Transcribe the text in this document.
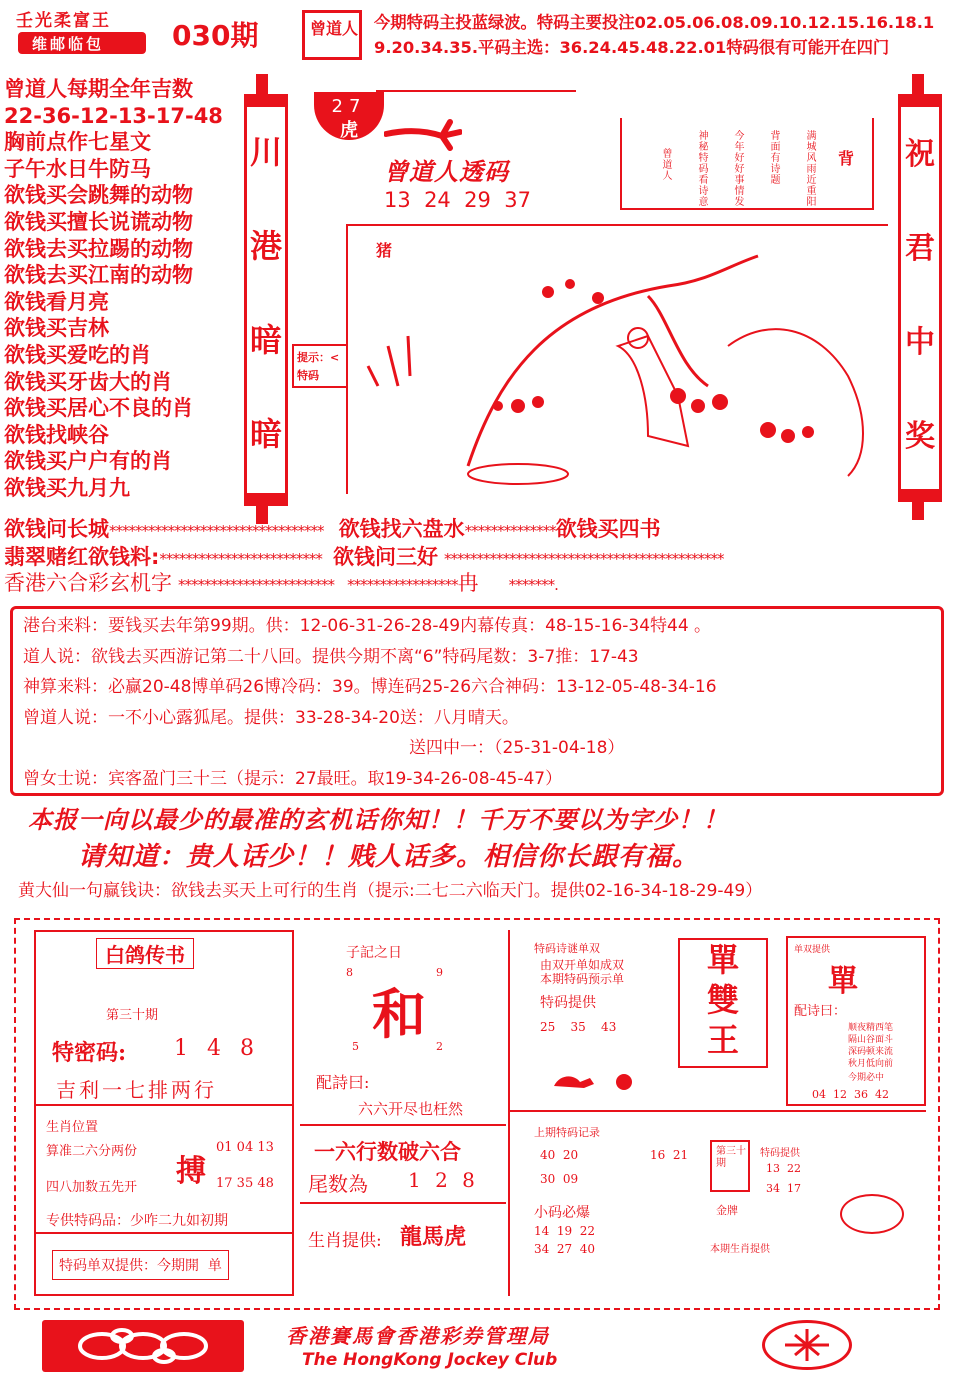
壬光柔富王
维邮临包 030期	曾道人 今期特码主投蓝绿波。特码主要投注02.05.06.08.09.10.12.15.16.18.19.20.34.35.平码主选：36.24.45.48.22.01特码很有可能开在四门
曾道人每期全年吉数
22-36-12-13-17-48
胸前点作七星文
子午水日牛防马
欲钱买会跳舞的动物
欲钱买擅长说谎动物
欲钱去买拉踢的动物
欲钱去买江南的动物
欲钱看月亮
欲钱买吉林
欲钱买爱吃的肖
欲钱买牙齿大的肖
欲钱买居心不良的肖
欲钱找峡谷
欲钱买户户有的肖
欲钱买九月九
川
港
暗
暗
祝
君
中
奖
27
虎
曾道人透码
13  24  29  37
背
满城风雨近重阳
背面有诗题
今年好好事情发
神秘特码看诗意
曾道人
猪
提示：<特码
欲钱问长城********************************* 欲钱找六盘水**************欲钱买四书
翡翠赌红欲钱料:************************* 欲钱问三好 *******************************************
香港六合彩玄机字 ************************ *****************冉 *******.
港台来料：要钱买去年第99期。供：12-06-31-26-28-49内幕传真：48-15-16-34特44 。
道人说：欲钱去买西游记第二十八回。提供今期不离“6”特码尾数：3-7推：17-43
神算来料：必赢20-48博单码26博冷码：39。博连码25-26六合神码：13-12-05-48-34-16
曾道人说：一不小心露狐尾。提供：33-28-34-20送：八月晴天。
送四中一：（25-31-04-18）
曾女士说：宾客盈门三十三（提示：27最旺。取19-34-26-08-45-47）
本报一向以最少的最准的玄机话你知！！千万不要以为字少！！
请知道：贵人话少！！贱人话多。相信你长跟有福。
黄大仙一句赢钱诀：欲钱去买天上可行的生肖（提示:二七二六临天门。提供02-16-34-18-29-49）
白鸽传书
第三十期
特密码: 1 4 8
吉利一七排两行
生肖位置
算准二六分两份
四八加数五先开 搏
01 04 13
17 35 48
专供特码品：少咋二九如初期
特码单双提供：今期開  单
子記之日
8	9
和
5	2
配詩曰:
六六开尽也枉然
一六行数破六合
尾数為 1 2 8
生肖提供: 龍馬虎
特码诗谜单双
由双开单如成双
本期特码预示单
特码提供
25    35    43
單
雙
王
单双提供
單
配诗曰：
顺夜精西笔
隔山谷面斗
深码顿来流
秋月低向前
今期必中
04  12  36  42
上期特码记录
40  20
30  09
小码必爆
14  19  22
34  27  40
16  21	第三十期
金牌
特码提供
13  22
34  17
本期生肖提供
香港賽馬會香港彩券管理局
The HongKong Jockey Club
